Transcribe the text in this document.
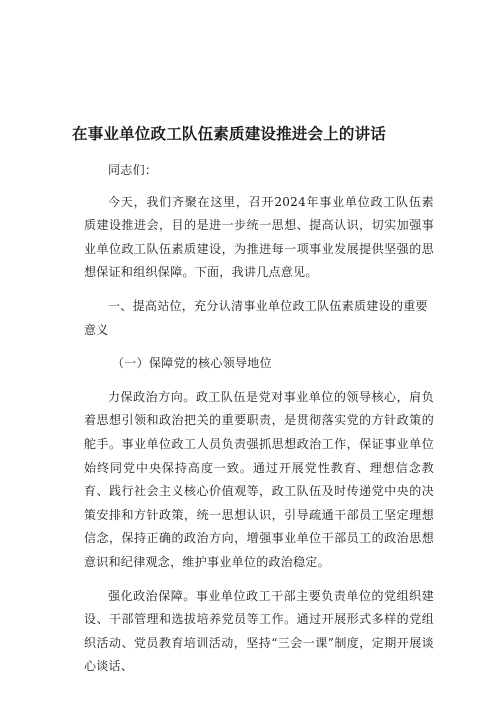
在事业单位政工队伍素质建设推进会上的讲话

同志们：

今天，我们齐聚在这里，召开2024年事业单位政工队伍素质建设推进会，目的是进一步统一思想、提高认识，切实加强事业单位政工队伍素质建设，为推进每一项事业发展提供坚强的思想保证和组织保障。下面，我讲几点意见。

一、提高站位，充分认清事业单位政工队伍素质建设的重要意义

（一）保障党的核心领导地位

力保政治方向。政工队伍是党对事业单位的领导核心，肩负着思想引领和政治把关的重要职责，是贯彻落实党的方针政策的舵手。事业单位政工人员负责强抓思想政治工作，保证事业单位始终同党中央保持高度一致。通过开展党性教育、理想信念教育、践行社会主义核心价值观等，政工队伍及时传递党中央的决策安排和方针政策，统一思想认识，引导疏通干部员工坚定理想信念，保持正确的政治方向，增强事业单位干部员工的政治思想意识和纪律观念，维护事业单位的政治稳定。

强化政治保障。事业单位政工干部主要负责单位的党组织建设、干部管理和选拔培养党员等工作。通过开展形式多样的党组织活动、党员教育培训活动，坚持“三会一课”制度，定期开展谈心谈话、
